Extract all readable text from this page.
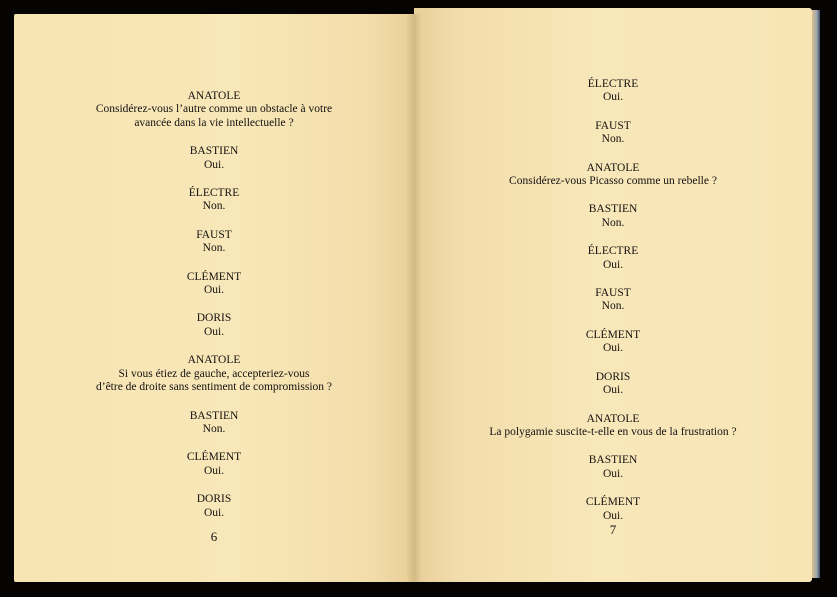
ANATOLE
Considérez-vous l’autre comme un obstacle à votre
avancée dans la vie intellectuelle ?
BASTIEN
Oui.
ÉLECTRE
Non.
FAUST
Non.
CLÉMENT
Oui.
DORIS
Oui.
ANATOLE
Si vous étiez de gauche, accepteriez-vous
d’être de droite sans sentiment de compromission ?
BASTIEN
Non.
CLÉMENT
Oui.
DORIS
Oui.
6
ÉLECTRE
Oui.
FAUST
Non.
ANATOLE
Considérez-vous Picasso comme un rebelle ?
BASTIEN
Non.
ÉLECTRE
Oui.
FAUST
Non.
CLÉMENT
Oui.
DORIS
Oui.
ANATOLE
La polygamie suscite-t-elle en vous de la frustration ?
BASTIEN
Oui.
CLÉMENT
Oui.
7
